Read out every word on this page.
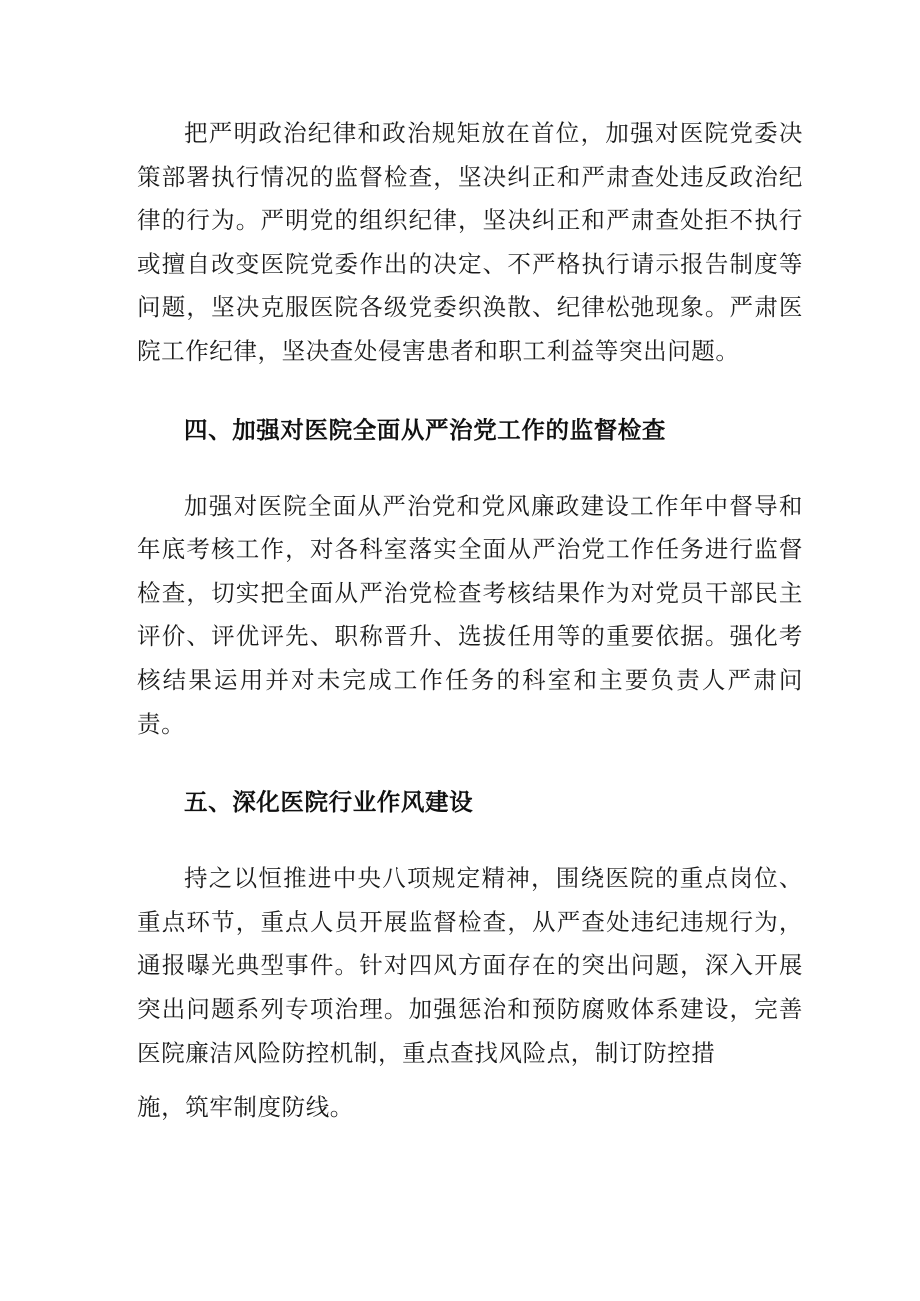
把严明政治纪律和政治规矩放在首位，加强对医院党委决策部署执行情况的监督检查，坚决纠正和严肃查处违反政治纪律的行为。严明党的组织纪律，坚决纠正和严肃查处拒不执行或擅自改变医院党委作出的决定、不严格执行请示报告制度等问题，坚决克服医院各级党委织涣散、纪律松弛现象。严肃医院工作纪律，坚决查处侵害患者和职工利益等突出问题。

四、加强对医院全面从严治党工作的监督检查

加强对医院全面从严治党和党风廉政建设工作年中督导和年底考核工作，对各科室落实全面从严治党工作任务进行监督检查，切实把全面从严治党检查考核结果作为对党员干部民主评价、评优评先、职称晋升、选拔任用等的重要依据。强化考核结果运用并对未完成工作任务的科室和主要负责人严肃问责。

五、深化医院行业作风建设

持之以恒推进中央八项规定精神，围绕医院的重点岗位、重点环节，重点人员开展监督检查，从严查处违纪违规行为，通报曝光典型事件。针对四风方面存在的突出问题，深入开展突出问题系列专项治理。加强惩治和预防腐败体系建设，完善医院廉洁风险防控机制，重点查找风险点，制订防控措

施，筑牢制度防线。
